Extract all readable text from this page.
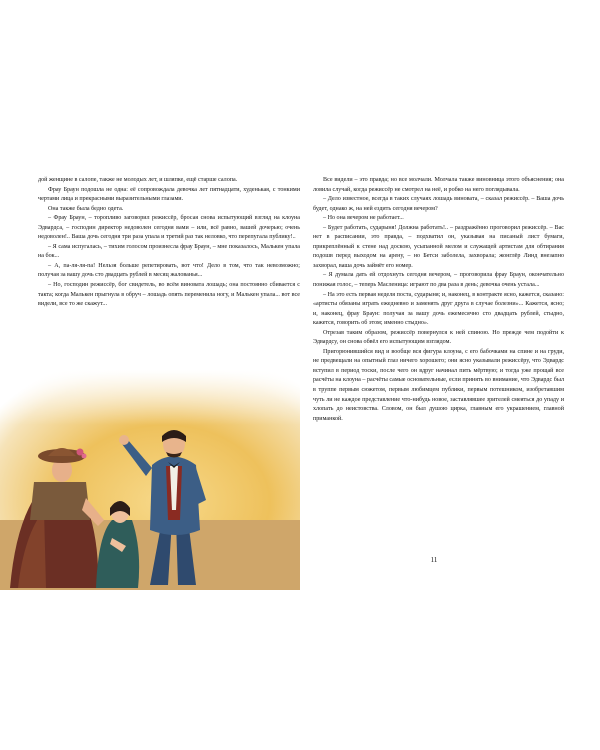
дой женщине в салопе, также не молодых лет, и шляпке, ещё старше салопа.

Фрау Браун подошла не одна: её сопровождала девочка лет пятнадцати, худенькая, с тонкими чертами лица и прекрасными выразительными глазами.

Она также была бедно одета.

– Фрау Браун, – торопливо заговорил режиссёр, бросая снова испытующий взгляд на клоуна Эдвардса, – господин директор недоволен сегодня вами – или, всё равно, вашей дочерью; очень недоволен!.. Ваша дочь сегодня три раза упала и третий раз так неловко, что перепугала публику!..

– Я сама испугалась, – тихим голосом произнесла фрау Браун, – мне показалось, Малькен упала на бок...

– А, па-ля-ля-па! Нельзя больше репетировать, вот что! Дело в том, что так невозможно; получая за вашу дочь сто двадцать рублей в месяц жалованья...

– Но, господин режиссёр, бог свидетель, во всём виновата лошадь; она постоянно сбивается с такта; когда Малькен прыгнула в обруч – лошадь опять переменила ногу, и Малькен упала... вот все видели, все то же скажут...

Все видели – это правда; но все молчали. Молчала также виновница этого объяснения; она ловила случай, когда режиссёр не смотрел на неё, и робко на него поглядывала.

– Дело известное, всегда в таких случаях лошадь виновата, – сказал режиссёр. – Ваша дочь будет, однако ж, на ней ездить сегодня вечером?

– Но она вечером не работает...

– Будет работать, сударыня! Должна работать!.. – раздражённо проговорил режиссёр. – Вас нет в расписании, это правда, – подхватил он, указывая на писаный лист бумаги, прикреплённый к стене над доскою, усыпанной мелом и служащей артистам для обтирания подошв перед выходом на арену, – но Бетси заболела, захворала; жонглёр Линд внезапно захворал, ваша дочь займёт его номер.

– Я думала дать ей отдохнуть сегодня вечером, – проговорила фрау Браун, окончательно понижая голос, – теперь Масленица: играют по два раза в день; девочка очень устала...

– На это есть первая неделя поста, сударыня; и, наконец, в контракте ясно, кажется, сказано: «артисты обязаны играть ежедневно и заменять друг друга в случае болезни»... Кажется, ясно; и, наконец, фрау Браун: получая за вашу дочь ежемесячно сто двадцать рублей, стыдно, кажется, говорить об этом; именно стыдно».

Отрезав таким образом, режиссёр повернулся к ней спиною. Но прежде чем подойти к Эдвардсу, он снова обвёл его испытующим взглядом.

Пригорюнившийся вид и вообще вся фигура клоуна, с его бабочками на спине и на груди, не предвещали на опытный глаз ничего хорошего; они ясно указывали режиссёру, что Эдвардс вступил в период тоски, после чего он вдруг начинал пить мёртвую; и тогда уже прощай все расчёты на клоуна – расчёты самые основательные, если принять во внимание, что Эдвардс был в труппе первым сюжетом, первым любимцем публики, первым потешником, изобретавшим чуть ли не каждое представление что-нибудь новое, заставлявшее зрителей смеяться до упаду и хлопать до неистовства. Словом, он был душою цирка, главным его украшением, главной приманкой.

11
